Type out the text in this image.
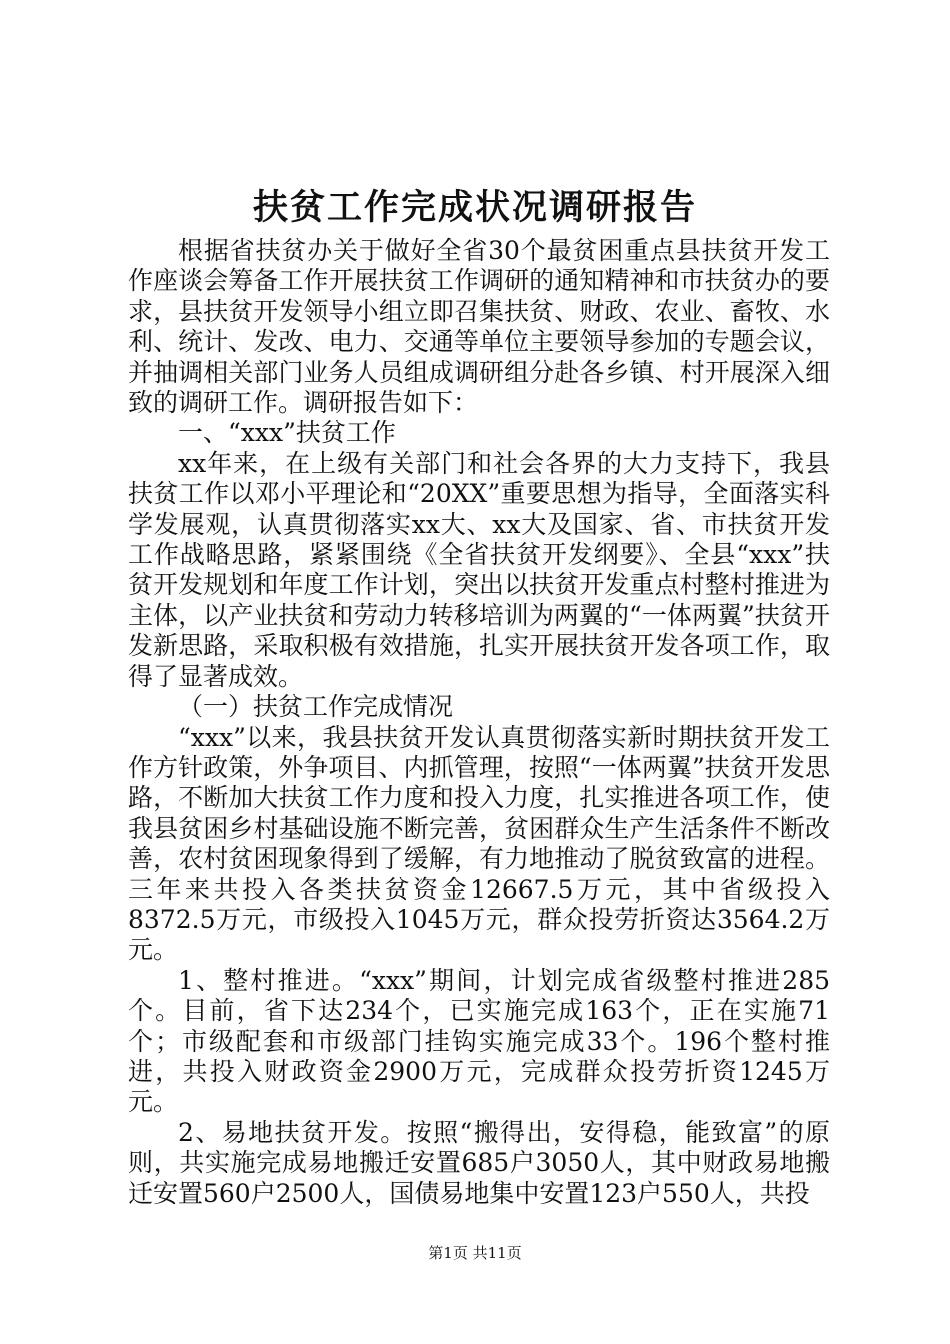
扶贫工作完成状况调研报告

根据省扶贫办关于做好全省30个最贫困重点县扶贫开发工作座谈会筹备工作开展扶贫工作调研的通知精神和市扶贫办的要求，县扶贫开发领导小组立即召集扶贫、财政、农业、畜牧、水利、统计、发改、电力、交通等单位主要领导参加的专题会议，并抽调相关部门业务人员组成调研组分赴各乡镇、村开展深入细致的调研工作。调研报告如下：

一、“xxx”扶贫工作

xx年来，在上级有关部门和社会各界的大力支持下，我县扶贫工作以邓小平理论和“20XX”重要思想为指导，全面落实科学发展观，认真贯彻落实xx大、xx大及国家、省、市扶贫开发工作战略思路，紧紧围绕《全省扶贫开发纲要》、全县“xxx”扶贫开发规划和年度工作计划，突出以扶贫开发重点村整村推进为主体，以产业扶贫和劳动力转移培训为两翼的“一体两翼”扶贫开发新思路，采取积极有效措施，扎实开展扶贫开发各项工作，取得了显著成效。

（一）扶贫工作完成情况

“xxx”以来，我县扶贫开发认真贯彻落实新时期扶贫开发工作方针政策，外争项目、内抓管理，按照“一体两翼”扶贫开发思路，不断加大扶贫工作力度和投入力度，扎实推进各项工作，使我县贫困乡村基础设施不断完善，贫困群众生产生活条件不断改善，农村贫困现象得到了缓解，有力地推动了脱贫致富的进程。三年来共投入各类扶贫资金12667.5万元，其中省级投入8372.5万元，市级投入1045万元，群众投劳折资达3564.2万元。

1、整村推进。“xxx”期间，计划完成省级整村推进285个。目前，省下达234个，已实施完成163个，正在实施71个；市级配套和市级部门挂钩实施完成33个。196个整村推进，共投入财政资金2900万元，完成群众投劳折资1245万元。

2、易地扶贫开发。按照“搬得出，安得稳，能致富”的原则，共实施完成易地搬迁安置685户3050人，其中财政易地搬迁安置560户2500人，国债易地集中安置123户550人，共投

第1页 共11页
